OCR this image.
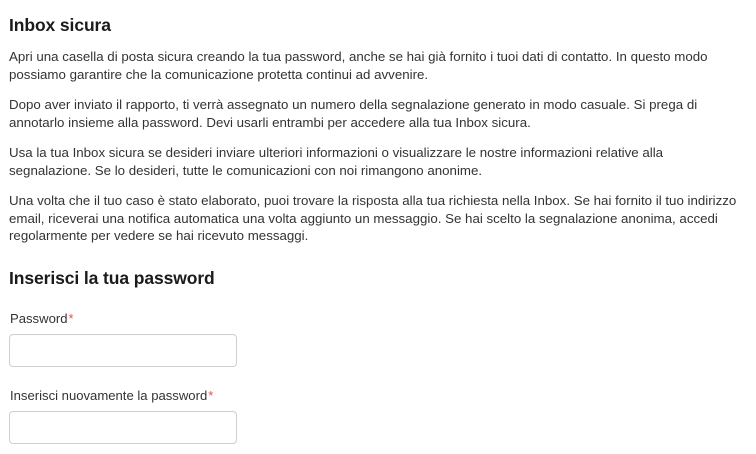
Inbox sicura

Apri una casella di posta sicura creando la tua password, anche se hai già fornito i tuoi dati di contatto. In questo modo possiamo garantire che la comunicazione protetta continui ad avvenire.

Dopo aver inviato il rapporto, ti verrà assegnato un numero della segnalazione generato in modo casuale. Si prega di annotarlo insieme alla password. Devi usarli entrambi per accedere alla tua Inbox sicura.

Usa la tua Inbox sicura se desideri inviare ulteriori informazioni o visualizzare le nostre informazioni relative alla segnalazione. Se lo desideri, tutte le comunicazioni con noi rimangono anonime.

Una volta che il tuo caso è stato elaborato, puoi trovare la risposta alla tua richiesta nella Inbox. Se hai fornito il tuo indirizzo email, riceverai una notifica automatica una volta aggiunto un messaggio. Se hai scelto la segnalazione anonima, accedi regolarmente per vedere se hai ricevuto messaggi.

Inserisci la tua password
Password*
Inserisci nuovamente la password*
